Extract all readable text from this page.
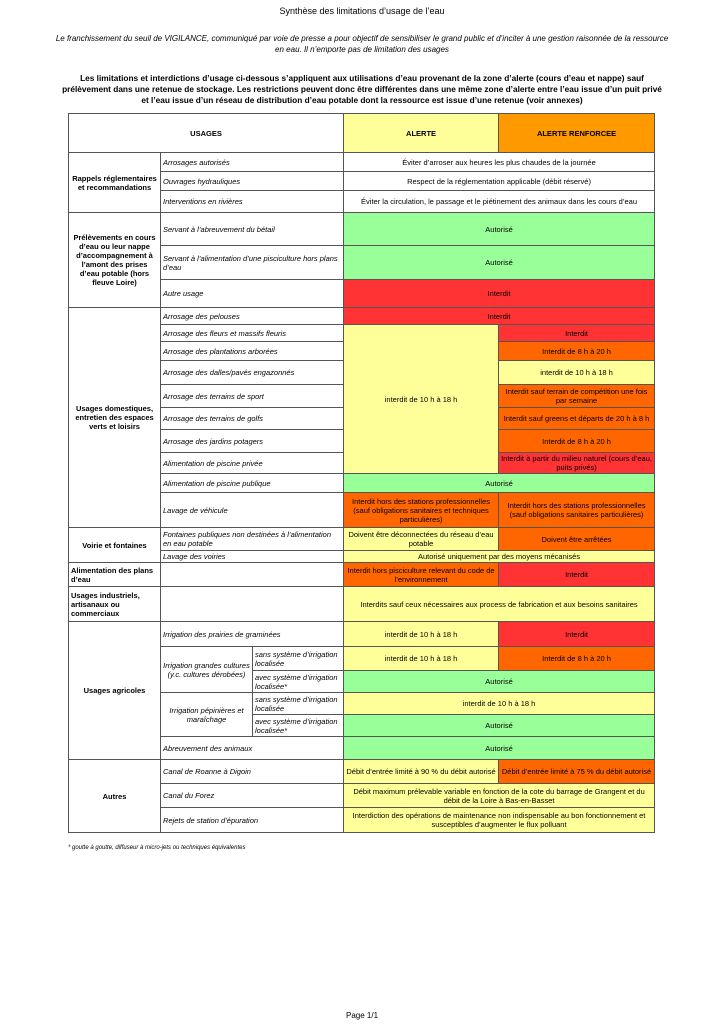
Synthèse des limitations d’usage de l’eau
Le franchissement du seuil de VIGILANCE, communiqué par voie de presse a pour objectif de sensibiliser le grand public et d’inciter à une gestion raisonnée de la ressource en eau. Il n’emporte pas de limitation des usages
Les limitations et interdictions d’usage ci-dessous s’appliquent aux utilisations d’eau provenant de la zone d’alerte (cours d’eau et nappe) sauf prélèvement dans une retenue de stockage. Les restrictions peuvent donc être différentes dans une même zone d’alerte entre l’eau issue d’un puit privé et l’eau issue d’un réseau de distribution d’eau potable dont la ressource est issue d’une retenue (voir annexes)
USAGES			ALERTE	ALERTE RENFORCEE
Rappels réglementaires et recommandations	Arrosages autorisés		Éviter d’arroser aux heures les plus chaudes de la journée	
	Ouvrages hydrauliques		Respect de la réglementation applicable (débit réservé)	
	Interventions en rivières		Éviter la circulation, le passage et le piétinement des animaux dans les cours d’eau	
Prélèvements en cours d’eau ou leur nappe d’accompagnement à l’amont des prises d’eau potable (hors fleuve Loire)	Servant à l’abreuvement du bétail		Autorisé	
	Servant à l’alimentation d’une pisciculture hors plans d’eau		Autorisé	
	Autre usage		Interdit	
Usages domestiques, entretien des espaces verts et loisirs	Arrosage des pelouses		Interdit	
	Arrosage des fleurs et massifs fleuris		interdit de 10 h à 18 h	Interdit
	Arrosage des plantations arborées			Interdit de 8 h à 20 h
	Arrosage des dalles/pavés engazonnés			interdit de 10 h à 18 h
	Arrosage des terrains de sport			Interdit sauf terrain de compétition une fois par semaine
	Arrosage des terrains de golfs			Interdit sauf greens et départs de 20 h à 8 h
	Arrosage des jardins potagers			Interdit de 8 h à 20 h
	Alimentation de piscine privée			Interdit à partir du milieu naturel (cours d’eau, puits privés)
	Alimentation de piscine publique		Autorisé	
	Lavage de véhicule		Interdit hors des stations professionnelles (sauf obligations sanitaires et techniques particulières)	Interdit hors des stations professionnelles (sauf obligations sanitaires particulières)
Voirie et fontaines	Fontaines publiques non destinées à l’alimentation en eau potable		Doivent être déconnectées du réseau d’eau potable	Doivent être arrêtées
	Lavage des voiries		Autorisé uniquement par des moyens mécanisés	
Alimentation des plans d’eau			Interdit hors pisciculture relevant du code de l’environnement	Interdit
Usages industriels, artisanaux ou commerciaux			Interdits sauf ceux nécessaires aux process de fabrication et aux besoins sanitaires	
Usages agricoles	Irrigation des prairies de graminées		interdit de 10 h à 18 h	Interdit
	Irrigation grandes cultures (y.c. cultures dérobées)	sans système d’irrigation localisée	interdit de 10 h à 18 h	Interdit de 8 h à 20 h
		avec système d’irrigation localisée*	Autorisé	
	Irrigation pépinières et maraîchage	sans système d’irrigation localisée	interdit de 10 h à 18 h	
		avec système d’irrigation localisée*	Autorisé	
	Abreuvement des animaux		Autorisé	
Autres	Canal de Roanne à Digoin		Débit d’entrée limité à 90 % du débit autorisé	Débit d’entrée limité à 75 % du débit autorisé
	Canal du Forez		Débit maximum prélevable variable en fonction de la cote du barrage de Grangent et du débit de la Loire à Bas-en-Basset	
	Rejets de station d’épuration		Interdiction des opérations de maintenance non indispensable au bon fonctionnement et susceptibles d’augmenter le flux polluant	
* goutte à goutte, diffuseur à micro-jets ou techniques équivalentes
Page 1/1
